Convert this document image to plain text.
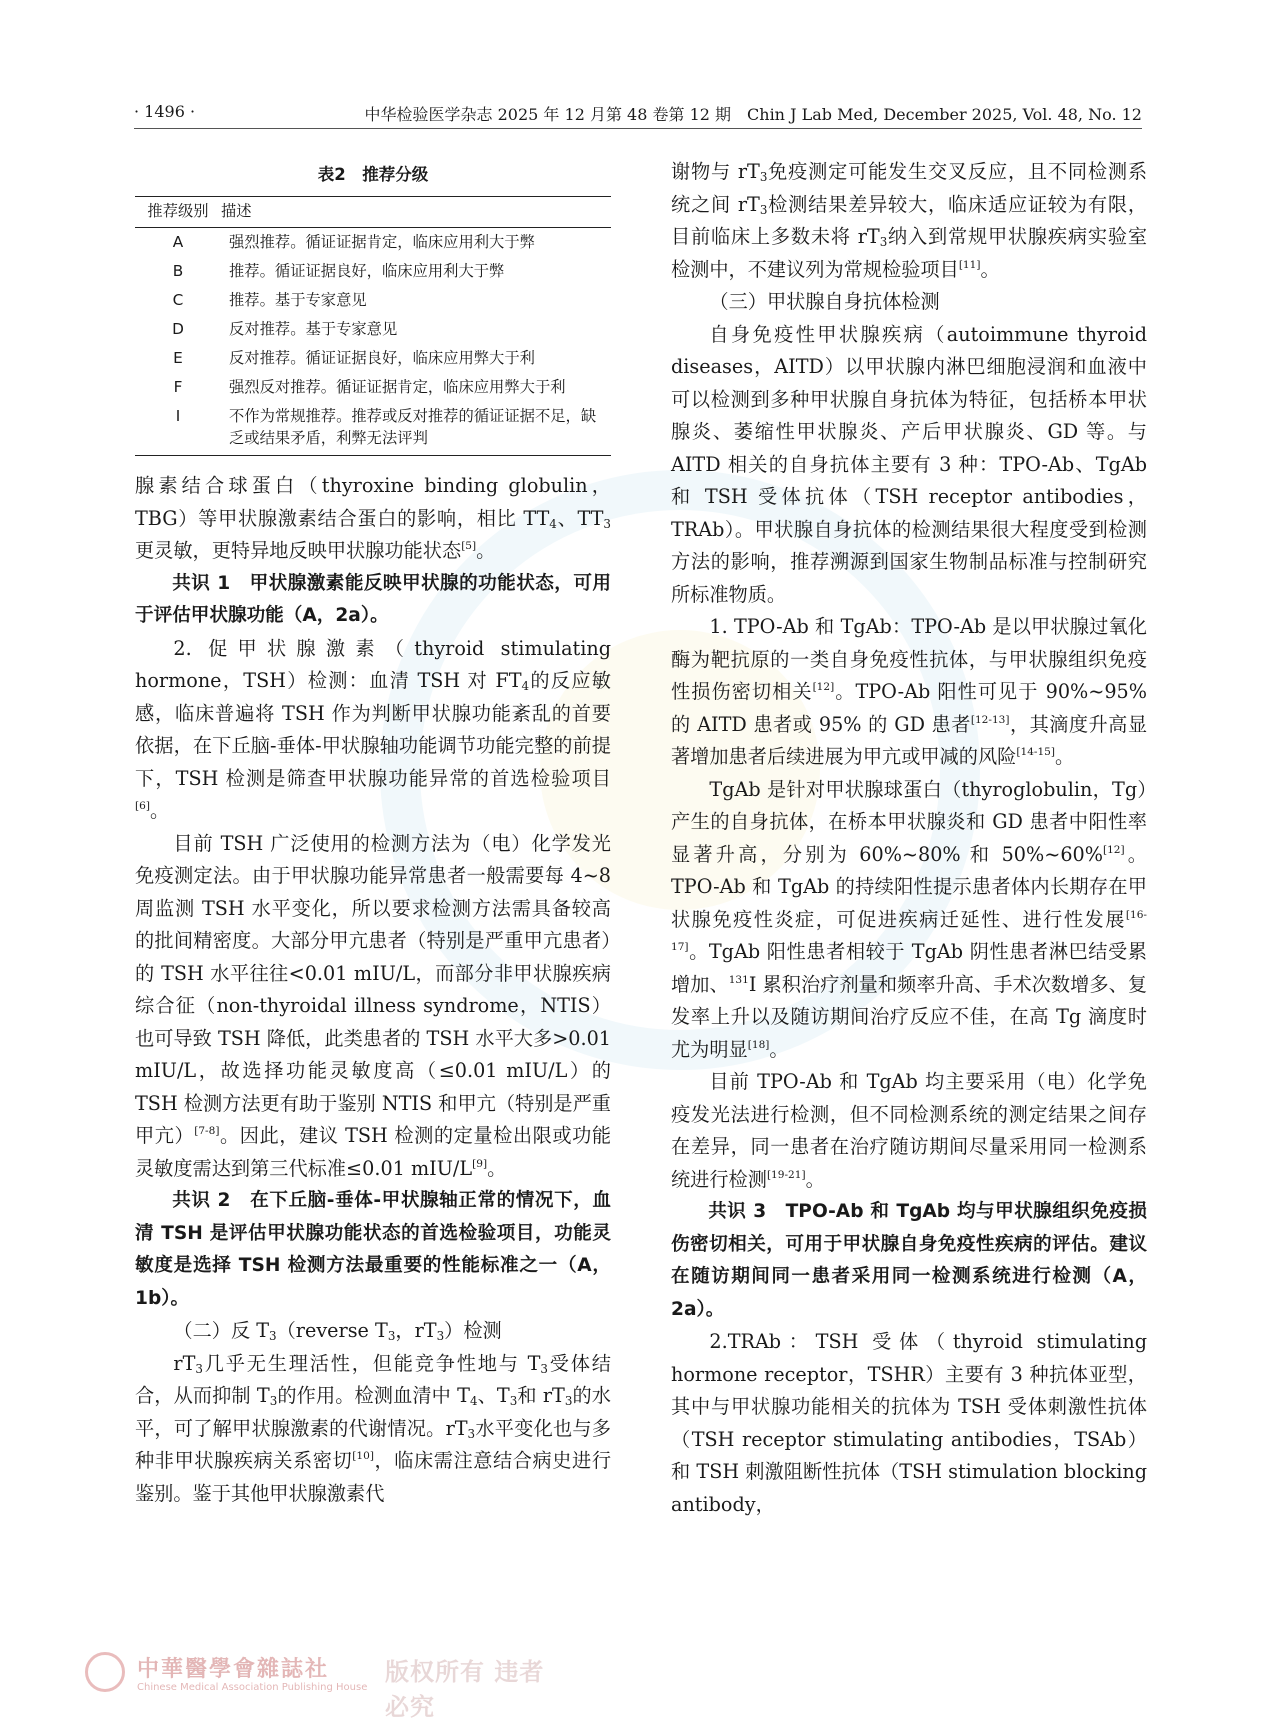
· 1496 ·	中华检验医学杂志 2025 年 12 月第 48 卷第 12 期　Chin J Lab Med, December 2025, Vol. 48, No. 12
表2　推荐分级
推荐级别	描述
A	强烈推荐。循证证据肯定，临床应用利大于弊
B	推荐。循证证据良好，临床应用利大于弊
C	推荐。基于专家意见
D	反对推荐。基于专家意见
E	反对推荐。循证证据良好，临床应用弊大于利
F	强烈反对推荐。循证证据肯定，临床应用弊大于利
I	不作为常规推荐。推荐或反对推荐的循证证据不足，缺乏或结果矛盾，利弊无法评判

腺素结合球蛋白（thyroxine binding globulin，TBG）等甲状腺激素结合蛋白的影响，相比 $TT_4$、$TT_3$更灵敏，更特异地反映甲状腺功能状态[5]。

共识 1　甲状腺激素能反映甲状腺的功能状态，可用于评估甲状腺功能（A，2a）。

2. 促甲状腺激素（thyroid stimulating hormone，TSH）检测：血清 TSH 对 $FT_4$的反应敏感，临床普遍将 TSH 作为判断甲状腺功能紊乱的首要依据，在下丘脑-垂体-甲状腺轴功能调节功能完整的前提下，TSH 检测是筛查甲状腺功能异常的首选检验项目[6]。

目前 TSH 广泛使用的检测方法为（电）化学发光免疫测定法。由于甲状腺功能异常患者一般需要每 4~8 周监测 TSH 水平变化，所以要求检测方法需具备较高的批间精密度。大部分甲亢患者（特别是严重甲亢患者）的 TSH 水平往往<0.01 mIU/L，而部分非甲状腺疾病综合征（non-thyroidal illness syndrome，NTIS）也可导致 TSH 降低，此类患者的 TSH 水平大多>0.01 mIU/L，故选择功能灵敏度高（≤0.01 mIU/L）的 TSH 检测方法更有助于鉴别 NTIS 和甲亢（特别是严重甲亢）[7-8]。因此，建议 TSH 检测的定量检出限或功能灵敏度需达到第三代标准≤0.01 mIU/L[9]。

共识 2　在下丘脑-垂体-甲状腺轴正常的情况下，血清 TSH 是评估甲状腺功能状态的首选检验项目，功能灵敏度是选择 TSH 检测方法最重要的性能标准之一（A，1b）。

（二）反 $T_3(reverse$ $T_3$，$rT_3$）检测

$rT_3$几乎无生理活性，但能竞争性地与 $T_3$受体结合，从而抑制 $T_3$的作用。检测血清中 $T_4$、$T_3$和 $rT_3$的水平，可了解甲状腺激素的代谢情况。$rT_3$水平变化也与多种非甲状腺疾病关系密切[10]，临床需注意结合病史进行鉴别。鉴于其他甲状腺激素代

谢物与 $rT_3$免疫测定可能发生交叉反应，且不同检测系统之间 $rT_3$检测结果差异较大，临床适应证较为有限，目前临床上多数未将 $rT_3$纳入到常规甲状腺疾病实验室检测中，不建议列为常规检验项目[11]。

（三）甲状腺自身抗体检测

自身免疫性甲状腺疾病（autoimmune thyroid diseases，AITD）以甲状腺内淋巴细胞浸润和血液中可以检测到多种甲状腺自身抗体为特征，包括桥本甲状腺炎、萎缩性甲状腺炎、产后甲状腺炎、GD 等。与 AITD 相关的自身抗体主要有 3 种：TPO-Ab、TgAb 和 TSH 受体抗体（TSH receptor antibodies，TRAb）。甲状腺自身抗体的检测结果很大程度受到检测方法的影响，推荐溯源到国家生物制品标准与控制研究所标准物质。

1. TPO-Ab 和 TgAb：TPO-Ab 是以甲状腺过氧化酶为靶抗原的一类自身免疫性抗体，与甲状腺组织免疫性损伤密切相关[12]。TPO-Ab 阳性可见于 90%~95% 的 AITD 患者或 95% 的 GD 患者[12-13]，其滴度升高显著增加患者后续进展为甲亢或甲减的风险[14-15]。

TgAb 是针对甲状腺球蛋白（thyroglobulin，Tg）产生的自身抗体，在桥本甲状腺炎和 GD 患者中阳性率显著升高，分别为 60%~80% 和 50%~60%[12]。TPO-Ab 和 TgAb 的持续阳性提示患者体内长期存在甲状腺免疫性炎症，可促进疾病迁延性、进行性发展[16-17]。TgAb 阳性患者相较于 TgAb 阴性患者淋巴结受累增加、$^{131}$I 累积治疗剂量和频率升高、手术次数增多、复发率上升以及随访期间治疗反应不佳，在高 Tg 滴度时尤为明显[18]。

目前 TPO-Ab 和 TgAb 均主要采用（电）化学免疫发光法进行检测，但不同检测系统的测定结果之间存在差异，同一患者在治疗随访期间尽量采用同一检测系统进行检测[19-21]。

共识 3　TPO-Ab 和 TgAb 均与甲状腺组织免疫损伤密切相关，可用于甲状腺自身免疫性疾病的评估。建议在随访期间同一患者采用同一检测系统进行检测（A，2a）。

2.TRAb：TSH 受体（thyroid stimulating hormone receptor，TSHR）主要有 3 种抗体亚型，其中与甲状腺功能相关的抗体为 TSH 受体刺激性抗体（TSH receptor stimulating antibodies，TSAb）和 TSH 刺激阻断性抗体（TSH stimulation blocking antibody，

中華醫學會雜誌社
Chinese Medical Association Publishing House
版权所有 违者必究
